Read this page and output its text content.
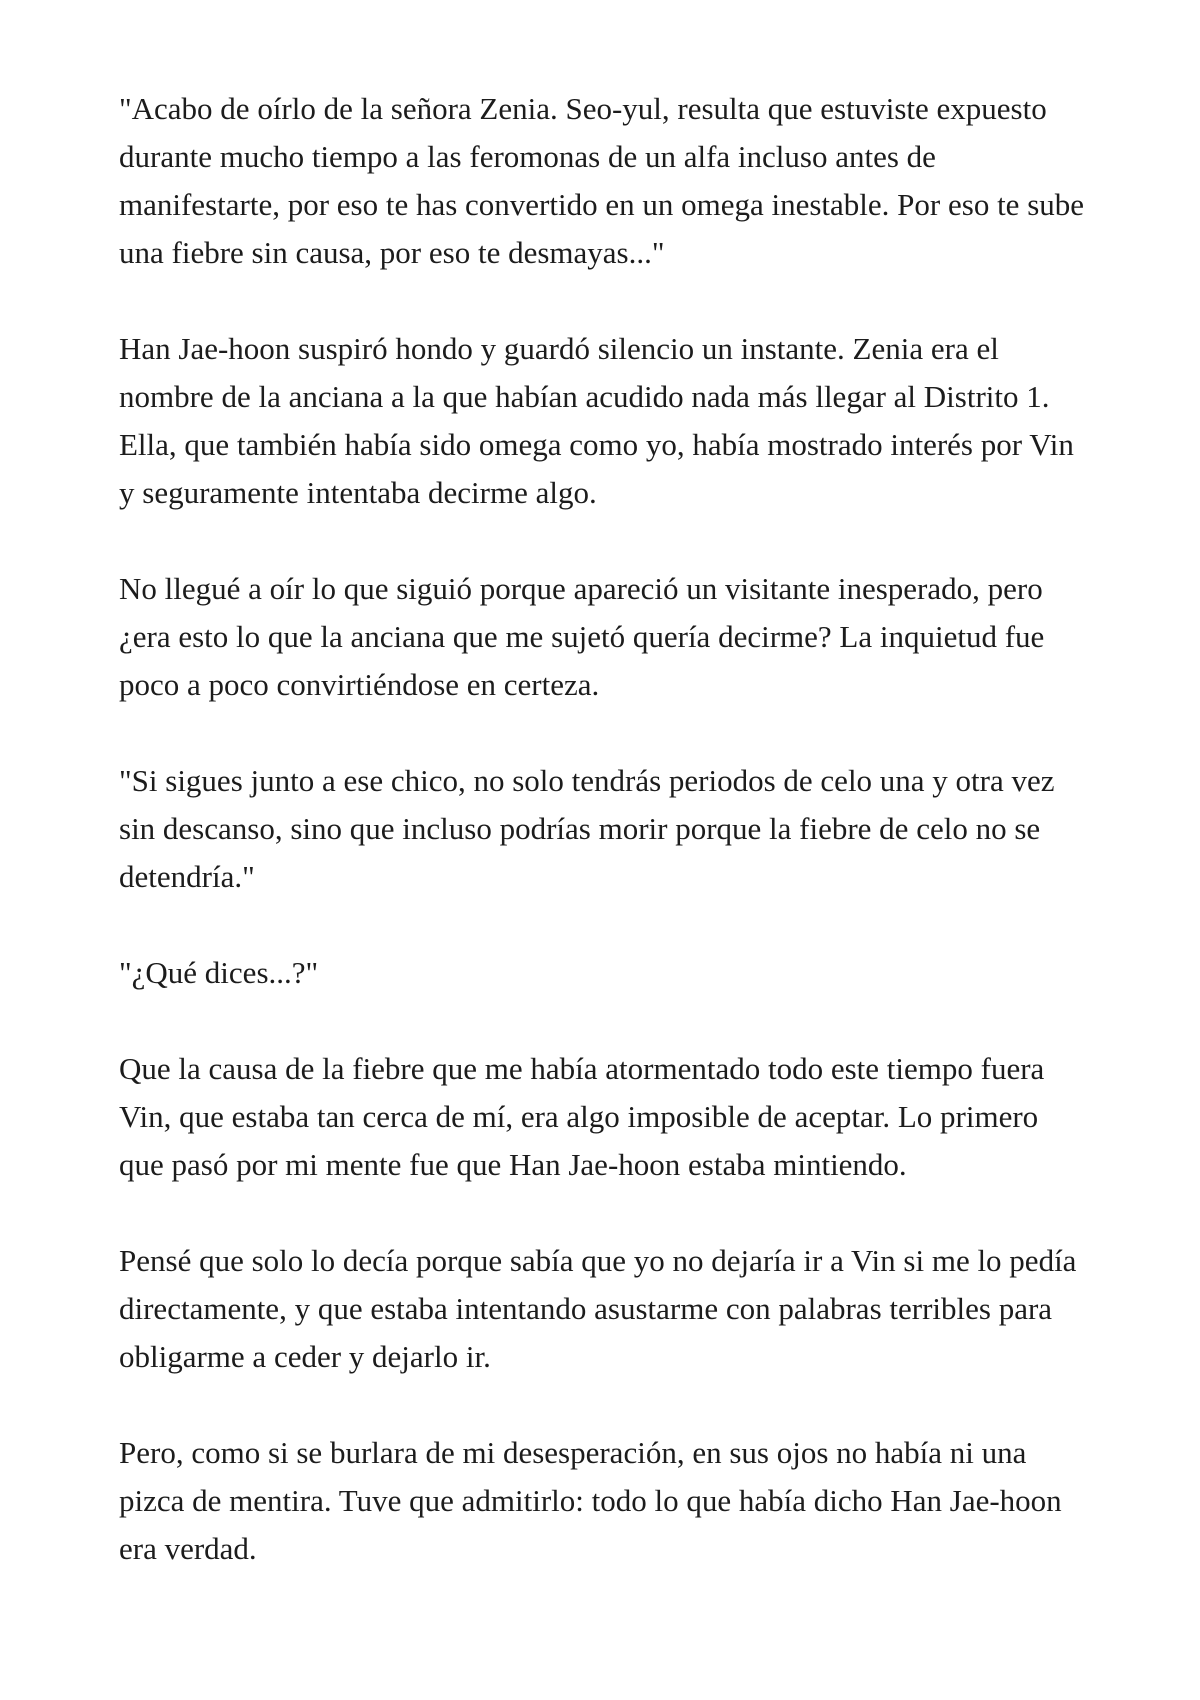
"Acabo de oírlo de la señora Zenia. Seo-yul, resulta que estuviste expuesto durante mucho tiempo a las feromonas de un alfa incluso antes de manifestarte, por eso te has convertido en un omega inestable. Por eso te sube una fiebre sin causa, por eso te desmayas..."

Han Jae-hoon suspiró hondo y guardó silencio un instante. Zenia era el nombre de la anciana a la que habían acudido nada más llegar al Distrito 1. Ella, que también había sido omega como yo, había mostrado interés por Vin y seguramente intentaba decirme algo.

No llegué a oír lo que siguió porque apareció un visitante inesperado, pero ¿era esto lo que la anciana que me sujetó quería decirme? La inquietud fue poco a poco convirtiéndose en certeza.

"Si sigues junto a ese chico, no solo tendrás periodos de celo una y otra vez sin descanso, sino que incluso podrías morir porque la fiebre de celo no se detendría."

"¿Qué dices...?"

Que la causa de la fiebre que me había atormentado todo este tiempo fuera Vin, que estaba tan cerca de mí, era algo imposible de aceptar. Lo primero que pasó por mi mente fue que Han Jae-hoon estaba mintiendo.

Pensé que solo lo decía porque sabía que yo no dejaría ir a Vin si me lo pedía directamente, y que estaba intentando asustarme con palabras terribles para obligarme a ceder y dejarlo ir.

Pero, como si se burlara de mi desesperación, en sus ojos no había ni una pizca de mentira. Tuve que admitirlo: todo lo que había dicho Han Jae-hoon era verdad.
